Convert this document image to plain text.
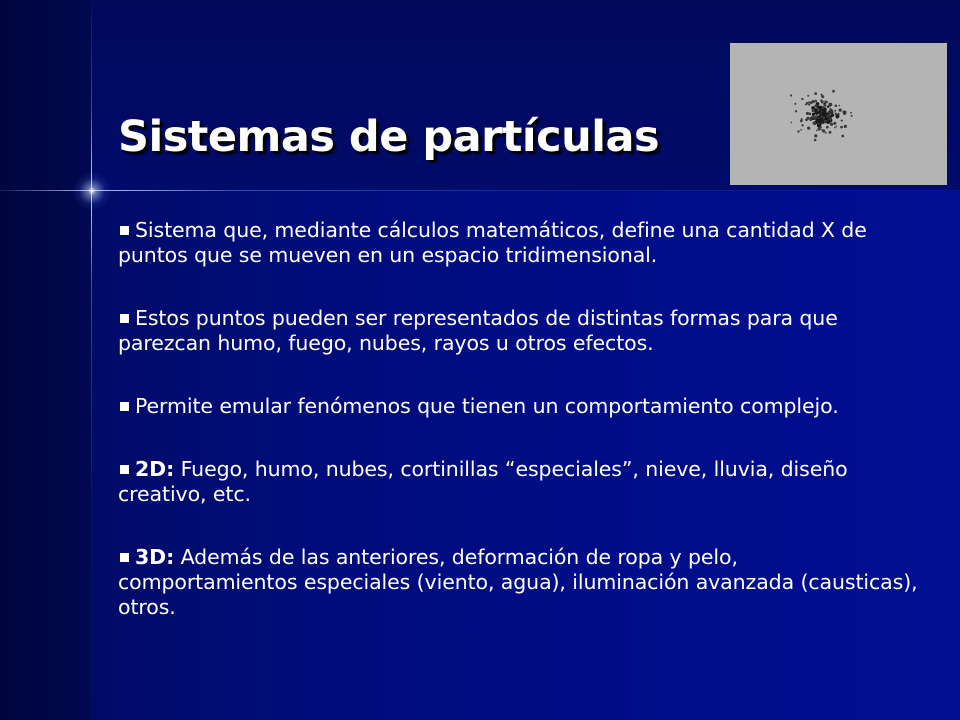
Sistemas de partículas
Sistema que, mediante cálculos matemáticos, define una cantidad X de puntos que se mueven en un espacio tridimensional.
Estos puntos pueden ser representados de distintas formas para que parezcan humo, fuego, nubes, rayos u otros efectos.
Permite emular fenómenos que tienen un comportamiento complejo.
2D: Fuego, humo, nubes, cortinillas “especiales”, nieve, lluvia, diseño creativo, etc.
3D: Además de las anteriores, deformación de ropa y pelo, comportamientos especiales (viento, agua), iluminación avanzada (causticas), otros.
